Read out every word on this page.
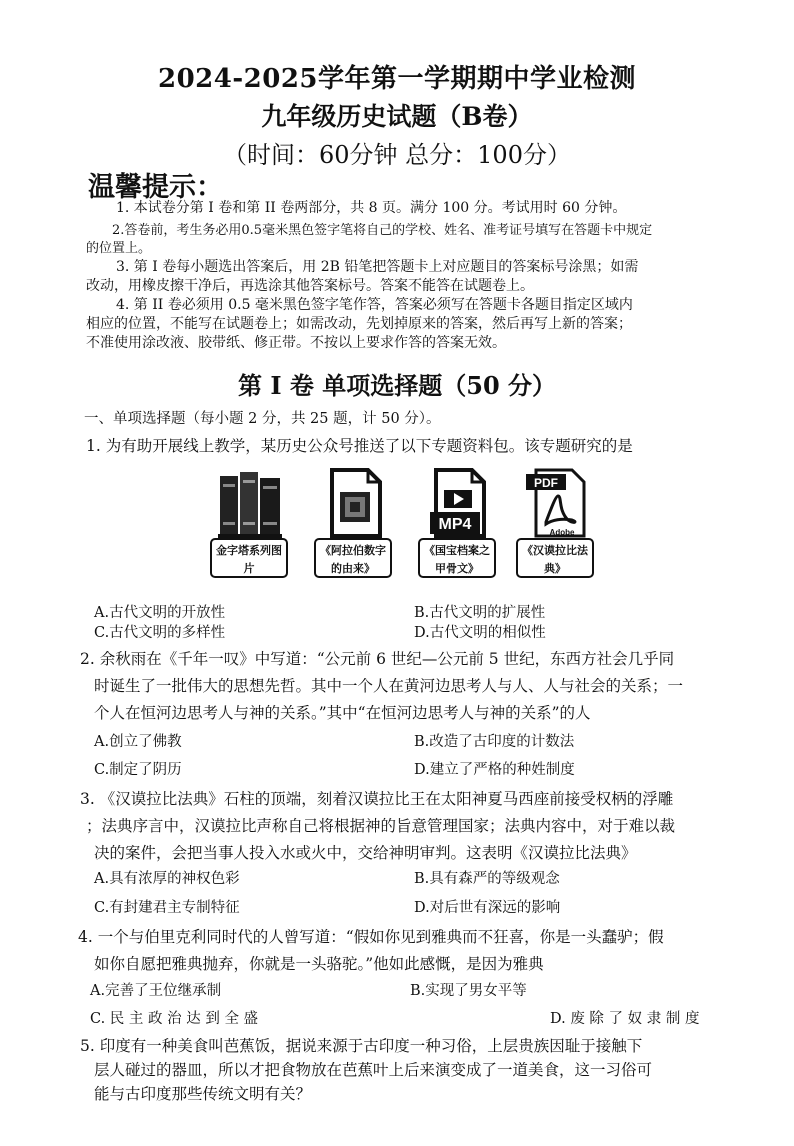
2024-2025学年第一学期期中学业检测
九年级历史试题（B卷）
（时间：60分钟 总分：100分）
温馨提示：
1. 本试卷分第 I 卷和第 II 卷两部分，共 8 页。满分 100 分。考试用时 60 分钟。
2.答卷前，考生务必用0.5毫米黑色签字笔将自己的学校、姓名、准考证号填写在答题卡中规定
的位置上。
3. 第 I 卷每小题选出答案后，用 2B 铅笔把答题卡上对应题目的答案标号涂黑；如需
改动，用橡皮擦干净后，再选涂其他答案标号。答案不能答在试题卷上。
4. 第 II 卷必须用 0.5 毫米黑色签字笔作答，答案必须写在答题卡各题目指定区域内
相应的位置，不能写在试题卷上；如需改动，先划掉原来的答案，然后再写上新的答案；
不准使用涂改液、胶带纸、修正带。不按以上要求作答的答案无效。
第 I 卷 单项选择题（50 分）
一、单项选择题（每小题 2 分，共 25 题，计 50 分）。
1. 为有助开展线上教学，某历史公众号推送了以下专题资料包。该专题研究的是
金字塔系列图片
《阿拉伯数字的由来》
MP4
《国宝档案之甲骨文》
PDF
Adobe
《汉谟拉比法典》
A.古代文明的开放性	B.古代文明的扩展性
C.古代文明的多样性	D.古代文明的相似性
2. 余秋雨在《千年一叹》中写道：“公元前 6 世纪—公元前 5 世纪，东西方社会几乎同
时诞生了一批伟大的思想先哲。其中一个人在黄河边思考人与人、人与社会的关系；一
个人在恒河边思考人与神的关系。”其中“在恒河边思考人与神的关系”的人
A.创立了佛教	B.改造了古印度的计数法
C.制定了阴历	D.建立了严格的种姓制度
3. 《汉谟拉比法典》石柱的顶端，刻着汉谟拉比王在太阳神夏马西座前接受权柄的浮雕
；法典序言中，汉谟拉比声称自己将根据神的旨意管理国家；法典内容中，对于难以裁
决的案件，会把当事人投入水或火中，交给神明审判。这表明《汉谟拉比法典》
A.具有浓厚的神权色彩	B.具有森严的等级观念
C.有封建君主专制特征	D.对后世有深远的影响
4. 一个与伯里克利同时代的人曾写道：“假如你见到雅典而不狂喜，你是一头蠢驴；假
如你自愿把雅典抛弃，你就是一头骆驼。”他如此感慨，是因为雅典
A.完善了王位继承制	B.实现了男女平等
C. 民 主 政 治 达 到 全 盛	D. 废 除 了 奴 隶 制 度
5. 印度有一种美食叫芭蕉饭，据说来源于古印度一种习俗，上层贵族因耻于接触下
层人碰过的器皿，所以才把食物放在芭蕉叶上后来演变成了一道美食，这一习俗可
能与古印度那些传统文明有关？
